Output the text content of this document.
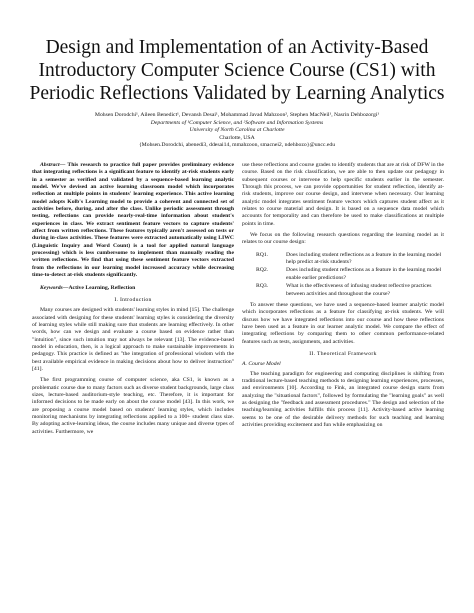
Design and Implementation of an Activity-Based Introductory Computer Science Course (CS1) with Periodic Reflections Validated by Learning Analytics
Mohsen Dorodchi¹, Aileen Benedict¹, Devansh Desai¹, Mohammad Javad Mahzoon², Stephen MacNeil¹, Nasrin Dehbozorgi¹
Departments of ¹Computer Science, and ²Software and Information Systems
University of North Carolina at Charlotte
Charlotte, USA
{Mohsen.Dorodchi, abenedi3, ddesai14, mmahzoon, smacnei2, ndehbozo}@uncc.edu

Abstract— This research to practice full paper provides preliminary evidence that integrating reflections is a significant feature to identify at-risk students early in a semester as verified and validated by a sequence-based learning analytic model. We've devised an active learning classroom model which incorporates reflection at multiple points in students' learning experience. This active learning model adopts Kolb's Learning model to provide a coherent and connected set of activities before, during, and after the class. Unlike periodic assessment through testing, reflections can provide nearly-real-time information about student's experiences in class. We extract sentiment feature vectors to capture students' affect from written reflections. These features typically aren't assessed on tests or during in-class activities. These features were extracted automatically using LIWC (Linguistic Inquiry and Word Count) is a tool for applied natural language processing) which is less cumbersome to implement than manually reading the written reflections. We find that using these sentiment feature vectors extracted from the reflections in our learning model increased accuracy while decreasing time-to-detect at-risk students significantly.

Keywords—Active Learning, Reflection

I. Introduction

Many courses are designed with students' learning styles in mind [15]. The challenge associated with designing for these students' learning styles is considering the diversity of learning styles while still making sure that students are learning effectively. In other words, how can we design and evaluate a course based on evidence rather than "intuition", since such intuition may not always be relevant [13]. The evidence-based model in education, then, is a logical approach to make sustainable improvements in pedagogy. This practice is defined as "the integration of professional wisdom with the best available empirical evidence in making decisions about how to deliver instruction" [41].

The first programming course of computer science, aka CS1, is known as a problematic course due to many factors such as diverse student backgrounds, large class sizes, lecture-based auditorium-style teaching, etc. Therefore, it is important for informed decisions to be made early on about the course model [43]. In this work, we are proposing a course model based on students' learning styles, which includes monitoring mechanisms by integrating reflections applied to a 100+ student class size. By adopting active-learning ideas, the course includes many unique and diverse types of activities. Furthermore, we

use these reflections and course grades to identify students that are at risk of DFW in the course. Based on the risk classification, we are able to then update our pedagogy in subsequent courses or intervene to help specific students earlier in the semester. Through this process, we can provide opportunities for student reflection, identify at-risk students, improve our course design, and intervene when necessary. Our learning analytic model integrates sentiment feature vectors which captures student affect as it relates to course material and design. It is based on a sequence data model which accounts for temporality and can therefore be used to make classifications at multiple points in time.

We focus on the following research questions regarding the learning model as it relates to our course design:

RQ1.	Does including student reflections as a feature in the learning model help predict at-risk students?
RQ2.	Does including student reflections as a feature in the learning model enable earlier predictions?
RQ3.	What is the effectiveness of infusing student reflective practices between activities and throughout the course?

To answer these questions, we have used a sequence-based learner analytic model which incorporates reflections as a feature for classifying at-risk students. We will discuss how we have integrated reflections into our course and how these reflections have been used as a feature in our learner analytic model. We compare the effect of integrating reflections by comparing them to other common performance-related features such as tests, assignments, and activities.

II. Theoretical Framework
A. Course Model

The teaching paradigm for engineering and computing disciplines is shifting from traditional lecture-based teaching methods to designing learning experiences, processes, and environments [10]. According to Fink, an integrated course design starts from analyzing the "situational factors", followed by formulating the "learning goals" as well as designing the "feedback and assessment procedures." The design and selection of the teaching/learning activities fulfills this process [11]. Activity-based active learning seems to be one of the desirable delivery methods for such teaching and learning activities providing excitement and fun while emphasizing on
